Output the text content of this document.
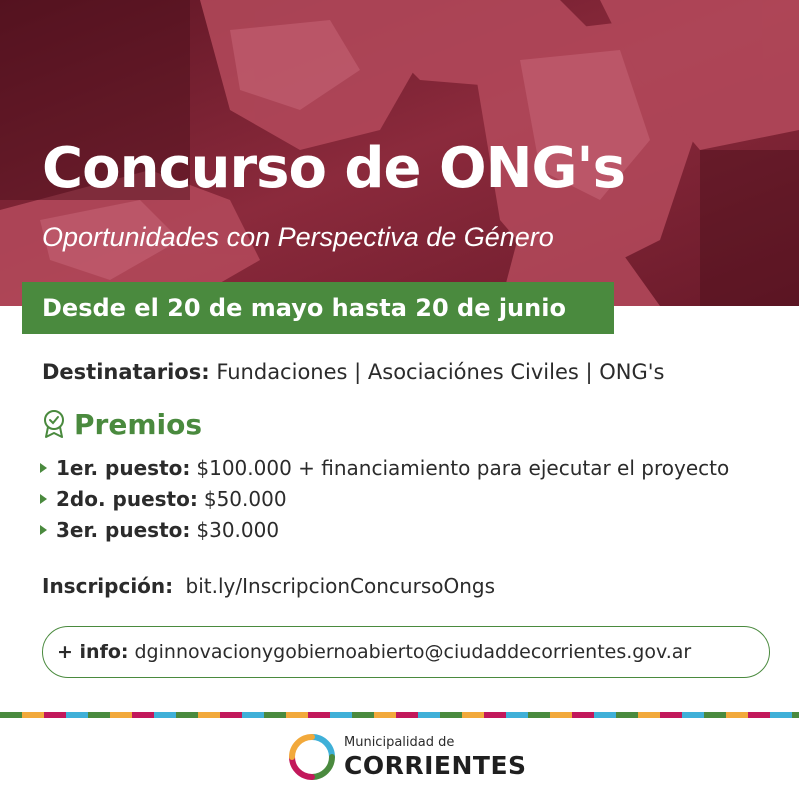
Concurso de ONG's
Oportunidades con Perspectiva de Género
Desde el 20 de mayo hasta 20 de junio
Destinatarios: Fundaciones | Asociaciónes Civiles | ONG's
Premios
1er. puesto: $100.000 + financiamiento para ejecutar el proyecto
2do. puesto: $50.000
3er. puesto: $30.000
Inscripción: bit.ly/InscripcionConcursoOngs
+ info: dginnovacionygobiernoabierto@ciudaddecorrientes.gov.ar
Municipalidad de
CORRIENTES
